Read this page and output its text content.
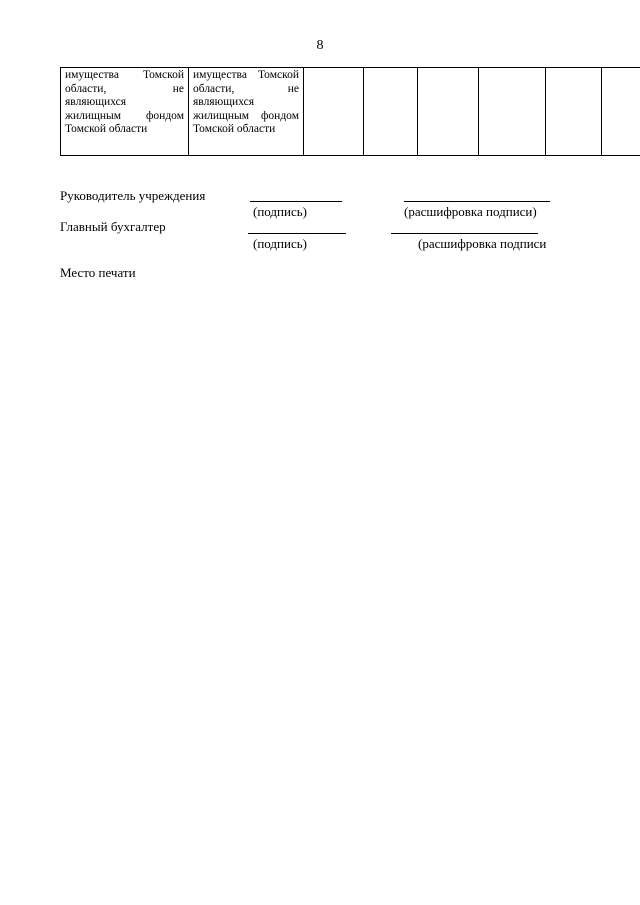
8
имущества Томской области, не являющихся жилищным фондом Томской области	имущества Томской области, не являющихся жилищным фондом Томской области						
Руководитель учреждения
(подпись)	(расшифровка подписи)
Главный бухгалтер
(подпись)	(расшифровка подписи
Место печати
